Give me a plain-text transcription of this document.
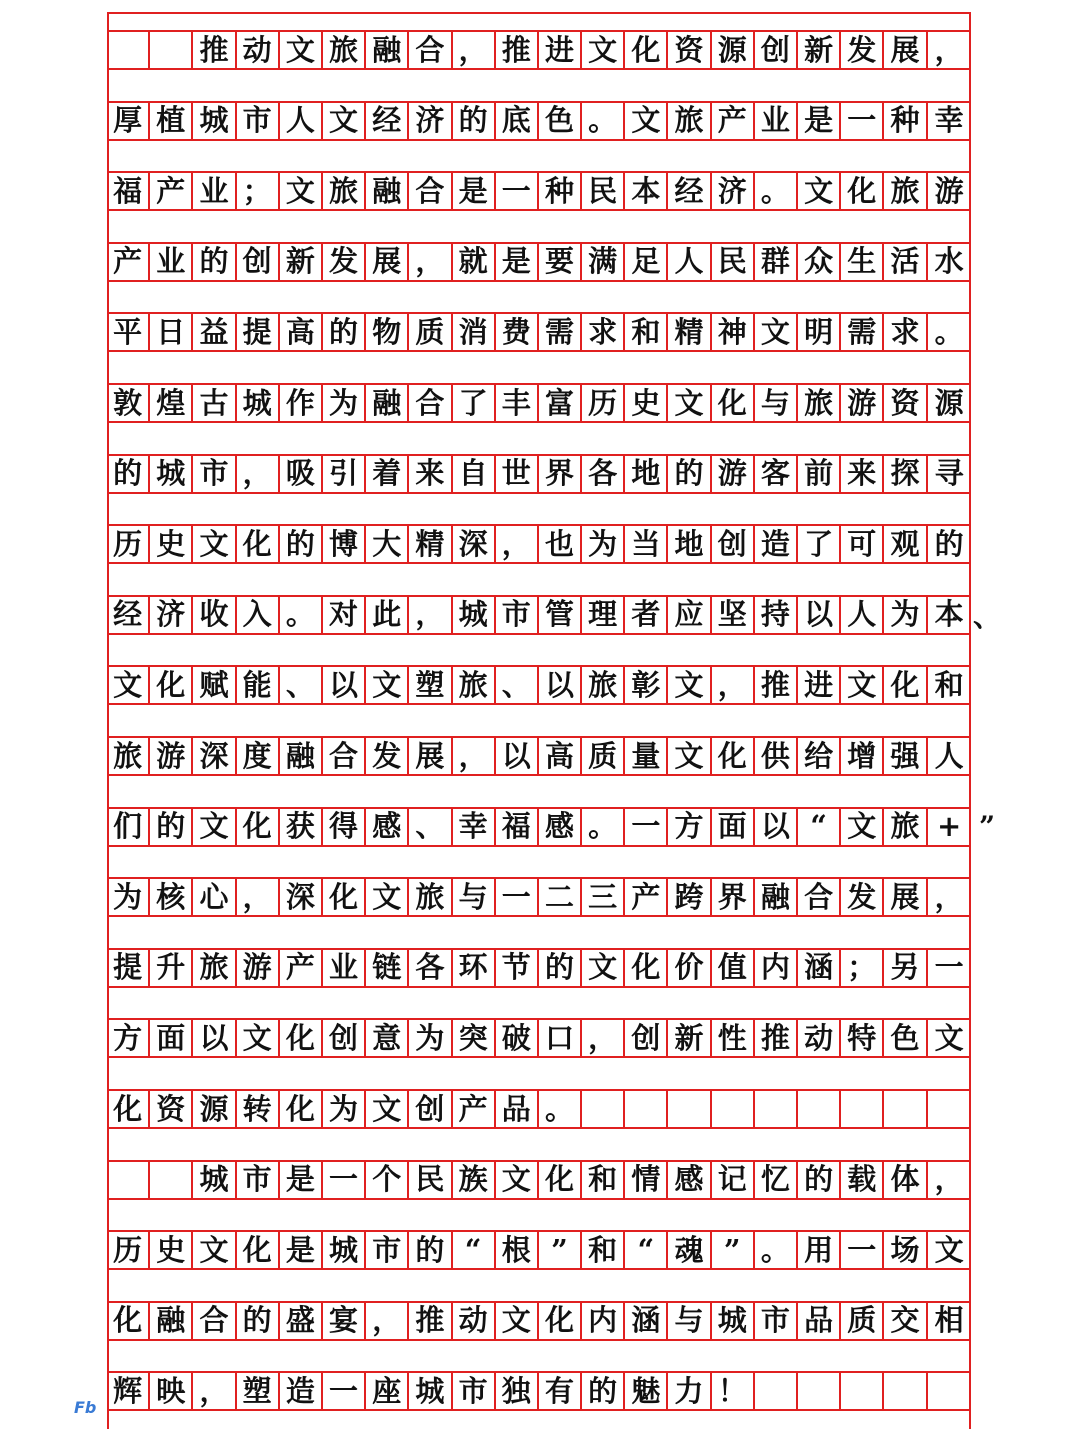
推 动 文 旅 融 合 ， 推 进 文 化 资 源 创 新 发 展 ，
厚 植 城 市 人 文 经 济 的 底 色 。 文 旅 产 业 是 一 种 幸
福 产 业 ； 文 旅 融 合 是 一 种 民 本 经 济 。 文 化 旅 游
产 业 的 创 新 发 展 ， 就 是 要 满 足 人 民 群 众 生 活 水
平 日 益 提 高 的 物 质 消 费 需 求 和 精 神 文 明 需 求 。
敦 煌 古 城 作 为 融 合 了 丰 富 历 史 文 化 与 旅 游 资 源
的 城 市 ， 吸 引 着 来 自 世 界 各 地 的 游 客 前 来 探 寻
历 史 文 化 的 博 大 精 深 ， 也 为 当 地 创 造 了 可 观 的
经 济 收 入 。 对 此 ， 城 市 管 理 者 应 坚 持 以 人 为 本
文 化 赋 能 、 以 文 塑 旅 、 以 旅 彰 文 ， 推 进 文 化 和
旅 游 深 度 融 合 发 展 ， 以 高 质 量 文 化 供 给 增 强 人
们 的 文 化 获 得 感 、 幸 福 感 。 一 方 面 以 “ 文 旅 +
为 核 心 ， 深 化 文 旅 与 一 二 三 产 跨 界 融 合 发 展 ，
提 升 旅 游 产 业 链 各 环 节 的 文 化 价 值 内 涵 ； 另 一
方 面 以 文 化 创 意 为 突 破 口 ， 创 新 性 推 动 特 色 文
化 资 源 转 化 为 文 创 产 品 。
城 市 是 一 个 民 族 文 化 和 情 感 记 忆 的 载 体 ，
历 史 文 化 是 城 市 的 “ 根 ” 和 “ 魂 ” 。 用 一 场 文
化 融 合 的 盛 宴 ， 推 动 文 化 内 涵 与 城 市 品 质 交 相
辉 映 ， 塑 造 一 座 城 市 独 有 的 魅 力 ！
、
”
Fb
